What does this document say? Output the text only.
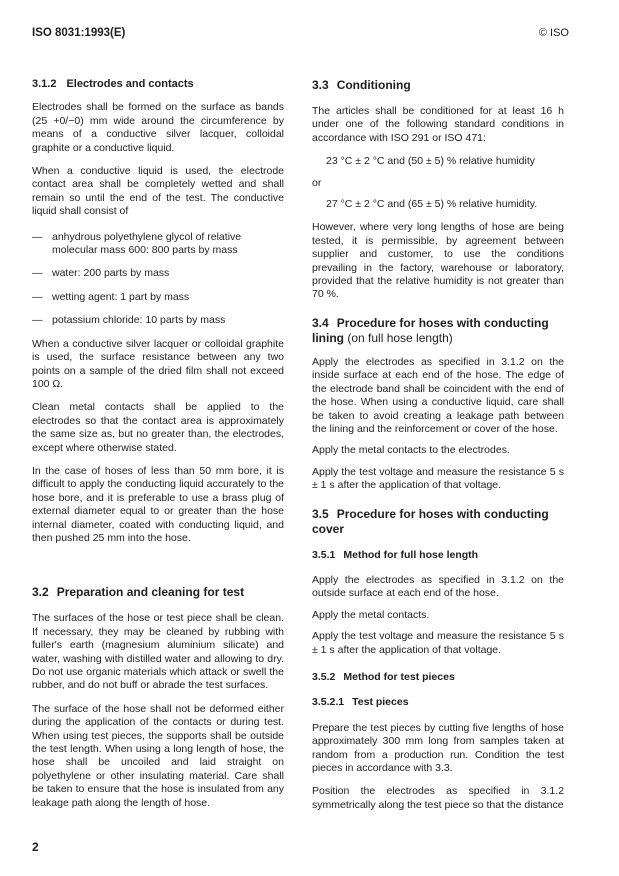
ISO 8031:1993(E)	© ISO
3.1.2 Electrodes and contacts

Electrodes shall be formed on the surface as bands (25 +0/−0) mm wide around the circumference by means of a conductive silver lacquer, colloidal graphite or a conductive liquid.

When a conductive liquid is used, the electrode contact area shall be completely wetted and shall remain so until the end of the test. The conductive liquid shall consist of

— anhydrous polyethylene glycol of relative molecular mass 600: 800 parts by mass
— water: 200 parts by mass
— wetting agent: 1 part by mass
— potassium chloride: 10 parts by mass

When a conductive silver lacquer or colloidal graphite is used, the surface resistance between any two points on a sample of the dried film shall not exceed 100 Ω.

Clean metal contacts shall be applied to the electrodes so that the contact area is approximately the same size as, but no greater than, the electrodes, except where otherwise stated.

In the case of hoses of less than 50 mm bore, it is difficult to apply the conducting liquid accurately to the hose bore, and it is preferable to use a brass plug of external diameter equal to or greater than the hose internal diameter, coated with conducting liquid, and then pushed 25 mm into the hose.

3.2 Preparation and cleaning for test

The surfaces of the hose or test piece shall be clean. If necessary, they may be cleaned by rubbing with fuller's earth (magnesium aluminium silicate) and water, washing with distilled water and allowing to dry. Do not use organic materials which attack or swell the rubber, and do not buff or abrade the test surfaces.

The surface of the hose shall not be deformed either during the application of the contacts or during test. When using test pieces, the supports shall be outside the test length. When using a long length of hose, the hose shall be uncoiled and laid straight on polyethylene or other insulating material. Care shall be taken to ensure that the hose is insulated from any leakage path along the length of hose.

3.3 Conditioning

The articles shall be conditioned for at least 16 h under one of the following standard conditions in accordance with ISO 291 or ISO 471:

23 °C ± 2 °C and (50 ± 5) % relative humidity

or

27 °C ± 2 °C and (65 ± 5) % relative humidity.

However, where very long lengths of hose are being tested, it is permissible, by agreement between supplier and customer, to use the conditions prevailing in the factory, warehouse or laboratory, provided that the relative humidity is not greater than 70 %.

3.4 Procedure for hoses with conducting lining (on full hose length)

Apply the electrodes as specified in 3.1.2 on the inside surface at each end of the hose. The edge of the electrode band shall be coincident with the end of the hose. When using a conductive liquid, care shall be taken to avoid creating a leakage path between the lining and the reinforcement or cover of the hose.

Apply the metal contacts to the electrodes.

Apply the test voltage and measure the resistance 5 s ± 1 s after the application of that voltage.

3.5 Procedure for hoses with conducting cover
3.5.1 Method for full hose length

Apply the electrodes as specified in 3.1.2 on the outside surface at each end of the hose.

Apply the metal contacts.

Apply the test voltage and measure the resistance 5 s ± 1 s after the application of that voltage.

3.5.2 Method for test pieces
3.5.2.1 Test pieces

Prepare the test pieces by cutting five lengths of hose approximately 300 mm long from samples taken at random from a production run. Condition the test pieces in accordance with 3.3.

Position the electrodes as specified in 3.1.2 symmetrically along the test piece so that the distance

2
